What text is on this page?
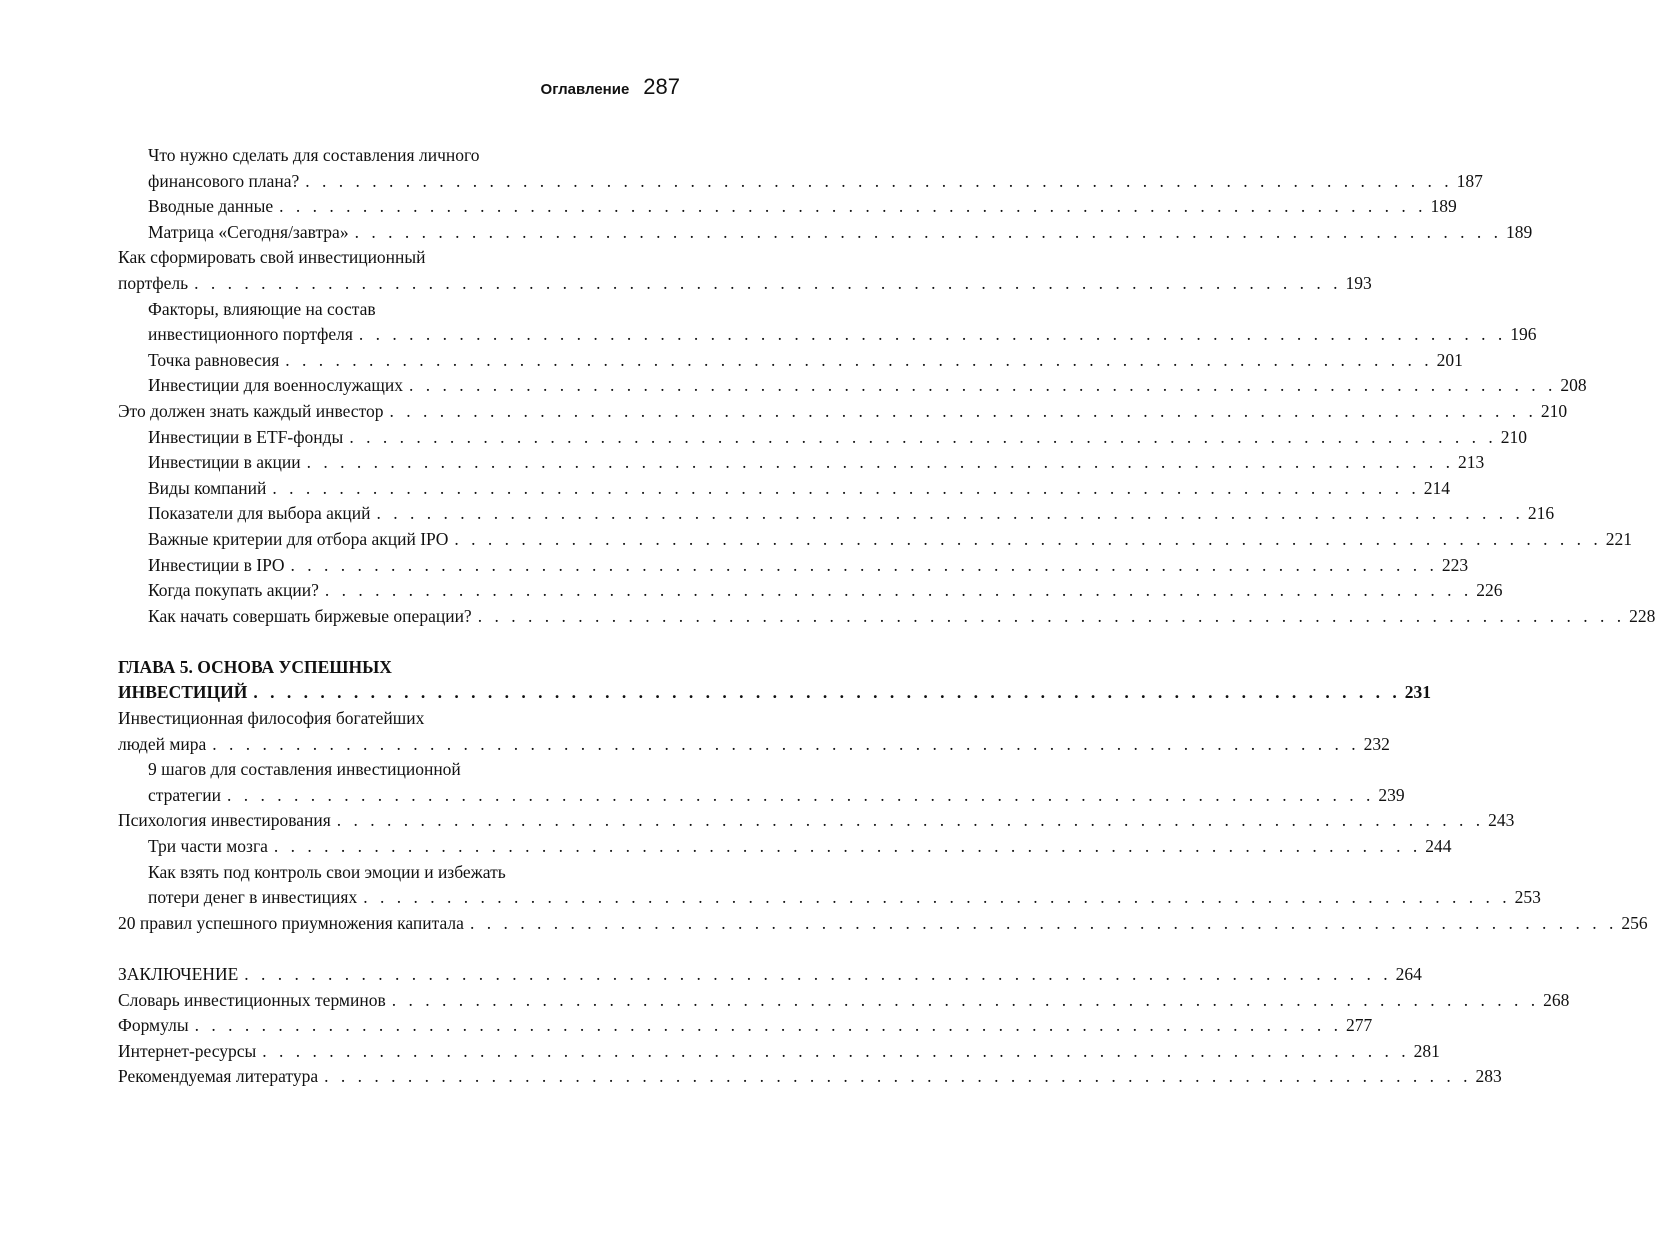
Оглавление 287
Что нужно сделать для составления личного
финансового плана? . . . . . . . . . . . . . . . . . . . . . . . . . . . . . . . . . . . . . . . . . . . . . . . . . . . . . . . . . . . . . . . . . . . . . 187
Вводные данные . . . . . . . . . . . . . . . . . . . . . . . . . . . . . . . . . . . . . . . . . . . . . . . . . . . . . . . . . . . . . . . . . . . . . 189
Матрица «Сегодня/завтра» . . . . . . . . . . . . . . . . . . . . . . . . . . . . . . . . . . . . . . . . . . . . . . . . . . . . . . . . . . . . . . . . . . . . . 189
Как сформировать свой инвестиционный
портфель . . . . . . . . . . . . . . . . . . . . . . . . . . . . . . . . . . . . . . . . . . . . . . . . . . . . . . . . . . . . . . . . . . . . . 193
Факторы, влияющие на состав
инвестиционного портфеля . . . . . . . . . . . . . . . . . . . . . . . . . . . . . . . . . . . . . . . . . . . . . . . . . . . . . . . . . . . . . . . . . . . . . 196
Точка равновесия . . . . . . . . . . . . . . . . . . . . . . . . . . . . . . . . . . . . . . . . . . . . . . . . . . . . . . . . . . . . . . . . . . . . . 201
Инвестиции для военнослужащих . . . . . . . . . . . . . . . . . . . . . . . . . . . . . . . . . . . . . . . . . . . . . . . . . . . . . . . . . . . . . . . . . . . . . 208
Это должен знать каждый инвестор . . . . . . . . . . . . . . . . . . . . . . . . . . . . . . . . . . . . . . . . . . . . . . . . . . . . . . . . . . . . . . . . . . . . . 210
Инвестиции в ETF-фонды . . . . . . . . . . . . . . . . . . . . . . . . . . . . . . . . . . . . . . . . . . . . . . . . . . . . . . . . . . . . . . . . . . . . . 210
Инвестиции в акции . . . . . . . . . . . . . . . . . . . . . . . . . . . . . . . . . . . . . . . . . . . . . . . . . . . . . . . . . . . . . . . . . . . . . 213
Виды компаний . . . . . . . . . . . . . . . . . . . . . . . . . . . . . . . . . . . . . . . . . . . . . . . . . . . . . . . . . . . . . . . . . . . . . 214
Показатели для выбора акций . . . . . . . . . . . . . . . . . . . . . . . . . . . . . . . . . . . . . . . . . . . . . . . . . . . . . . . . . . . . . . . . . . . . . 216
Важные критерии для отбора акций IPO . . . . . . . . . . . . . . . . . . . . . . . . . . . . . . . . . . . . . . . . . . . . . . . . . . . . . . . . . . . . . . . . . . . . . 221
Инвестиции в IPO . . . . . . . . . . . . . . . . . . . . . . . . . . . . . . . . . . . . . . . . . . . . . . . . . . . . . . . . . . . . . . . . . . . . . 223
Когда покупать акции? . . . . . . . . . . . . . . . . . . . . . . . . . . . . . . . . . . . . . . . . . . . . . . . . . . . . . . . . . . . . . . . . . . . . . 226
Как начать совершать биржевые операции? . . . . . . . . . . . . . . . . . . . . . . . . . . . . . . . . . . . . . . . . . . . . . . . . . . . . . . . . . . . . . . . . . . . . . 228
ГЛАВА 5. ОСНОВА УСПЕШНЫХ
ИНВЕСТИЦИЙ . . . . . . . . . . . . . . . . . . . . . . . . . . . . . . . . . . . . . . . . . . . . . . . . . . . . . . . . . . . . . . . . . . . . . 231
Инвестиционная философия богатейших
людей мира . . . . . . . . . . . . . . . . . . . . . . . . . . . . . . . . . . . . . . . . . . . . . . . . . . . . . . . . . . . . . . . . . . . . . 232
9 шагов для составления инвестиционной
стратегии . . . . . . . . . . . . . . . . . . . . . . . . . . . . . . . . . . . . . . . . . . . . . . . . . . . . . . . . . . . . . . . . . . . . . 239
Психология инвестирования . . . . . . . . . . . . . . . . . . . . . . . . . . . . . . . . . . . . . . . . . . . . . . . . . . . . . . . . . . . . . . . . . . . . . 243
Три части мозга . . . . . . . . . . . . . . . . . . . . . . . . . . . . . . . . . . . . . . . . . . . . . . . . . . . . . . . . . . . . . . . . . . . . . 244
Как взять под контроль свои эмоции и избежать
потери денег в инвестициях . . . . . . . . . . . . . . . . . . . . . . . . . . . . . . . . . . . . . . . . . . . . . . . . . . . . . . . . . . . . . . . . . . . . . 253
20 правил успешного приумножения капитала . . . . . . . . . . . . . . . . . . . . . . . . . . . . . . . . . . . . . . . . . . . . . . . . . . . . . . . . . . . . . . . . . . . . . 256
ЗАКЛЮЧЕНИЕ . . . . . . . . . . . . . . . . . . . . . . . . . . . . . . . . . . . . . . . . . . . . . . . . . . . . . . . . . . . . . . . . . . . . . 264
Словарь инвестиционных терминов . . . . . . . . . . . . . . . . . . . . . . . . . . . . . . . . . . . . . . . . . . . . . . . . . . . . . . . . . . . . . . . . . . . . . 268
Формулы . . . . . . . . . . . . . . . . . . . . . . . . . . . . . . . . . . . . . . . . . . . . . . . . . . . . . . . . . . . . . . . . . . . . . 277
Интернет-ресурсы . . . . . . . . . . . . . . . . . . . . . . . . . . . . . . . . . . . . . . . . . . . . . . . . . . . . . . . . . . . . . . . . . . . . . 281
Рекомендуемая литература . . . . . . . . . . . . . . . . . . . . . . . . . . . . . . . . . . . . . . . . . . . . . . . . . . . . . . . . . . . . . . . . . . . . . 283
